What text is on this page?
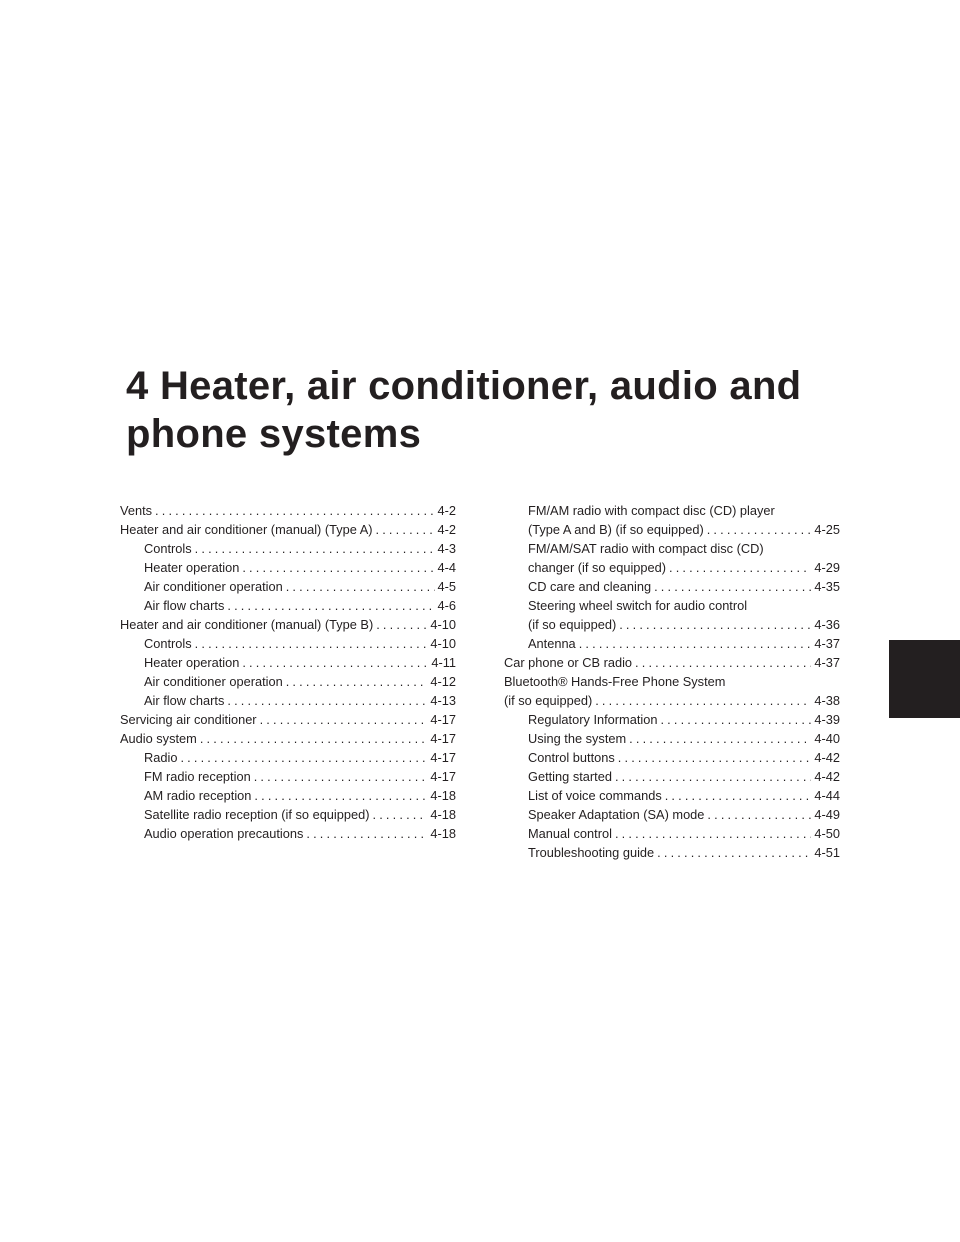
4 Heater, air conditioner, audio and phone systems
Vents . . .	4-2
Heater and air conditioner (manual) (Type A) . . .	4-2
Controls . . .	4-3
Heater operation . . .	4-4
Air conditioner operation . . .	4-5
Air flow charts . . .	4-6
Heater and air conditioner (manual) (Type B) . . .	4-10
Controls . . .	4-10
Heater operation . . .	4-11
Air conditioner operation . . .	4-12
Air flow charts . . .	4-13
Servicing air conditioner . . .	4-17
Audio system . . .	4-17
Radio . . .	4-17
FM radio reception . . .	4-17
AM radio reception . . .	4-18
Satellite radio reception (if so equipped) . . .	4-18
Audio operation precautions . . .	4-18
FM/AM radio with compact disc (CD) player
(Type A and B) (if so equipped) . . .	4-25
FM/AM/SAT radio with compact disc (CD)
changer (if so equipped) . . .	4-29
CD care and cleaning . . .	4-35
Steering wheel switch for audio control
(if so equipped) . . .	4-36
Antenna . . .	4-37
Car phone or CB radio . . .	4-37
Bluetooth® Hands-Free Phone System
(if so equipped) . . .	4-38
Regulatory Information . . .	4-39
Using the system . . .	4-40
Control buttons . . .	4-42
Getting started . . .	4-42
List of voice commands . . .	4-44
Speaker Adaptation (SA) mode . . .	4-49
Manual control . . .	4-50
Troubleshooting guide . . .	4-51
